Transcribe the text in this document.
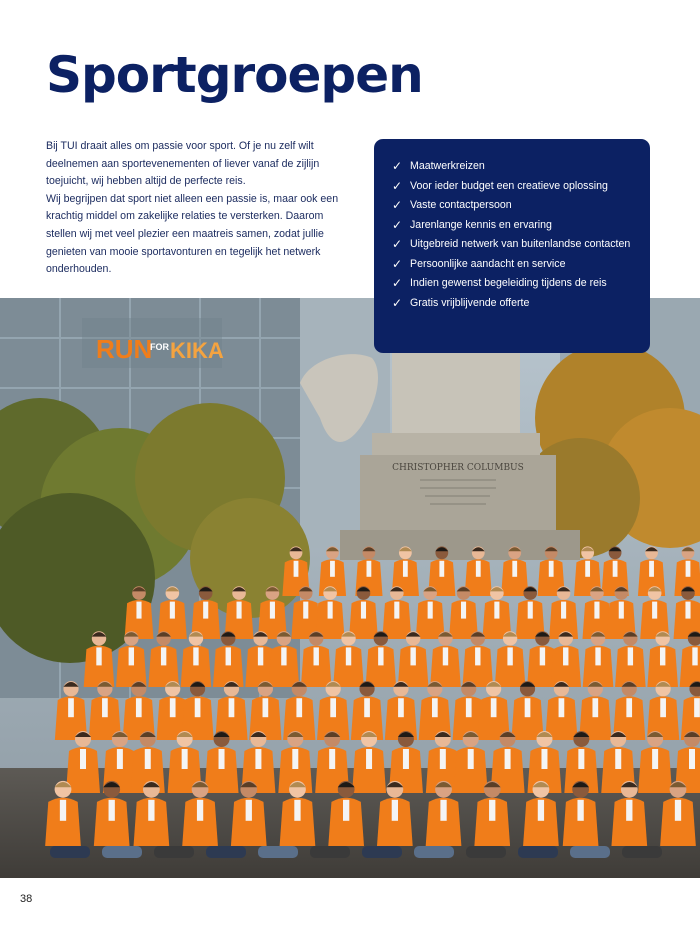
Sportgroepen

Bij TUI draait alles om passie voor sport. Of je nu zelf wilt deelnemen aan sportevenementen of liever vanaf de zijlijn toejuicht, wij hebben altijd de perfecte reis.

Wij begrijpen dat sport niet alleen een passie is, maar ook een krachtig middel om zakelijke relaties te versterken. Daarom stellen wij met veel plezier een maatreis samen, zodat jullie genieten van mooie sportavonturen en tegelijk het netwerk onderhouden.

RUN
FOR KIKA
CHRISTOPHER COLUMBUS
✓ Maatwerkreizen
✓ Voor ieder budget een creatieve oplossing
✓ Vaste contactpersoon
✓ Jarenlange kennis en ervaring
✓ Uitgebreid netwerk van buitenlandse contacten
✓ Persoonlijke aandacht en service
✓ Indien gewenst begeleiding tijdens de reis
✓ Gratis vrijblijvende offerte
38
